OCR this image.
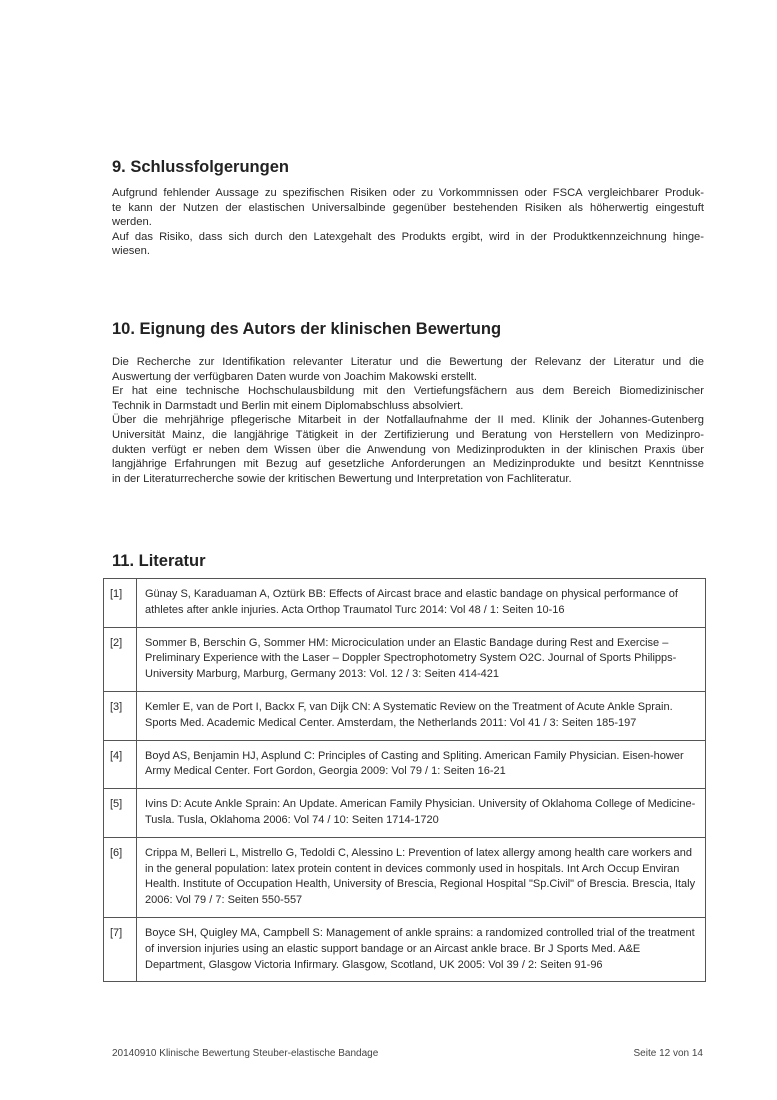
9. Schlussfolgerungen
Aufgrund fehlender Aussage zu spezifischen Risiken oder zu Vorkommnissen oder FSCA vergleichbarer Produk-
te kann der Nutzen der elastischen Universalbinde gegenüber bestehenden Risiken als höherwertig eingestuft
werden.
Auf das Risiko, dass sich durch den Latexgehalt des Produkts ergibt, wird in der Produktkennzeichnung hinge-
wiesen.
10. Eignung des Autors der klinischen Bewertung
Die Recherche zur Identifikation relevanter Literatur und die Bewertung der Relevanz der Literatur und die
Auswertung der verfügbaren Daten wurde von Joachim Makowski erstellt.
Er hat eine technische Hochschulausbildung mit den Vertiefungsfächern aus dem Bereich Biomedizinischer
Technik in Darmstadt und Berlin mit einem Diplomabschluss absolviert.
Über die mehrjährige pflegerische Mitarbeit in der Notfallaufnahme der II med. Klinik der Johannes-Gutenberg
Universität Mainz, die langjährige Tätigkeit in der Zertifizierung und Beratung von Herstellern von Medizinpro-
dukten verfügt er neben dem Wissen über die Anwendung von Medizinprodukten in der klinischen Praxis über
langjährige Erfahrungen mit Bezug auf gesetzliche Anforderungen an Medizinprodukte und besitzt Kenntnisse
in der Literaturrecherche sowie der kritischen Bewertung und Interpretation von Fachliteratur.
11. Literatur
[1]	Günay S, Karaduaman A, Oztürk BB: Effects of Aircast brace and elastic bandage on physical performance of athletes after ankle injuries. Acta Orthop Traumatol Turc 2014: Vol 48 / 1: Seiten 10-16
[2]	Sommer B, Berschin G, Sommer HM: Microciculation under an Elastic Bandage during Rest and Exercise – Preliminary Experience with the Laser – Doppler Spectrophotometry System O2C. Journal of Sports Philipps-University Marburg, Marburg, Germany 2013: Vol. 12 / 3: Seiten 414-421
[3]	Kemler E, van de Port I, Backx F, van Dijk CN: A Systematic Review on the Treatment of Acute Ankle Sprain. Sports Med. Academic Medical Center. Amsterdam, the Netherlands 2011: Vol 41 / 3: Seiten 185-197
[4]	Boyd AS, Benjamin HJ, Asplund C: Principles of Casting and Spliting. American Family Physician. Eisen-hower Army Medical Center. Fort Gordon, Georgia 2009: Vol 79 / 1: Seiten 16-21
[5]	Ivins D: Acute Ankle Sprain: An Update. American Family Physician. University of Oklahoma College of Medicine-Tusla. Tusla, Oklahoma 2006: Vol 74 / 10: Seiten 1714-1720
[6]	Crippa M, Belleri L, Mistrello G, Tedoldi C, Alessino L: Prevention of latex allergy among health care workers and in the general population: latex protein content in devices commonly used in hospitals. Int Arch Occup Enviran Health. Institute of Occupation Health, University of Brescia, Regional Hospital "Sp.Civil" of Brescia. Brescia, Italy 2006: Vol 79 / 7: Seiten 550-557
[7]	Boyce SH, Quigley MA, Campbell S: Management of ankle sprains: a randomized controlled trial of the treatment of inversion injuries using an elastic support bandage or an Aircast ankle brace. Br J Sports Med. A&E Department, Glasgow Victoria Infirmary. Glasgow, Scotland, UK 2005: Vol 39 / 2: Seiten 91-96
20140910 Klinische Bewertung Steuber-elastische Bandage	Seite 12 von 14
